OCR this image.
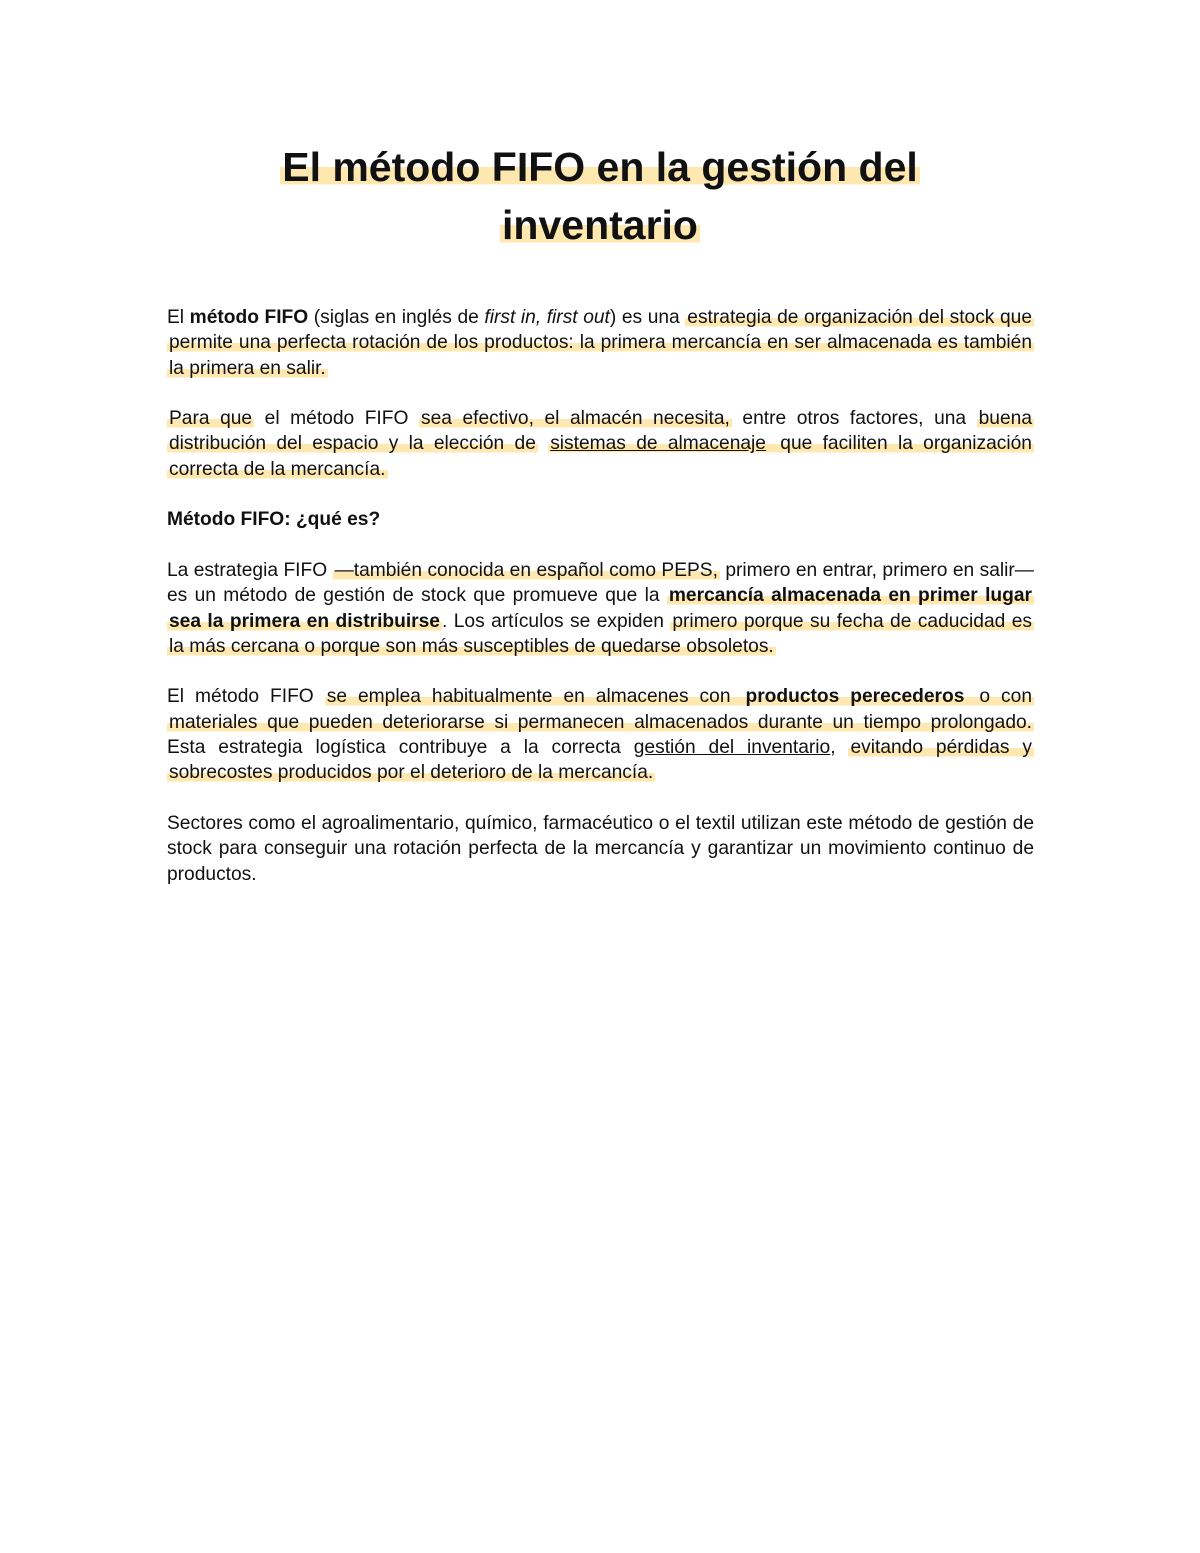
El método FIFO en la gestión del inventario

El método FIFO (siglas en inglés de first in, first out) es una estrategia de organización del stock que permite una perfecta rotación de los productos: la primera mercancía en ser almacenada es también la primera en salir.

Para que el método FIFO sea efectivo, el almacén necesita, entre otros factores, una buena distribución del espacio y la elección de sistemas de almacenaje que faciliten la organización correcta de la mercancía.

Método FIFO: ¿qué es?

La estrategia FIFO —también conocida en español como PEPS, primero en entrar, primero en salir— es un método de gestión de stock que promueve que la mercancía almacenada en primer lugar sea la primera en distribuirse . Los artículos se expiden primero porque su fecha de caducidad es la más cercana o porque son más susceptibles de quedarse obsoletos.

El método FIFO se emplea habitualmente en almacenes con productos perecederos o con materiales que pueden deteriorarse si permanecen almacenados durante un tiempo prolongado. Esta estrategia logística contribuye a la correcta gestión del inventario, evitando pérdidas y sobrecostes producidos por el deterioro de la mercancía.

Sectores como el agroalimentario, químico, farmacéutico o el textil utilizan este método de gestión de stock para conseguir una rotación perfecta de la mercancía y garantizar un movimiento continuo de productos.
